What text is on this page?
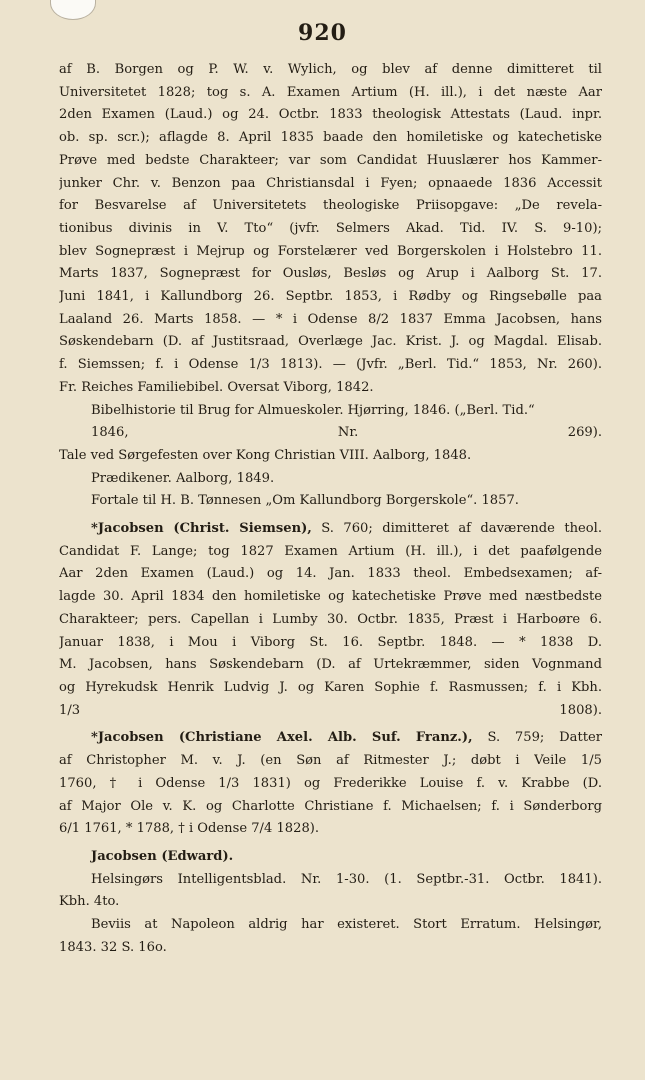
920
af B. Borgen og P. W. v. Wylich, og blev af denne dimitteret til
Universitetet 1828; tog s. A. Examen Artium (H. ill.), i det næste Aar
2den Examen (Laud.) og 24. Octbr. 1833 theologisk Attestats (Laud. inpr.
ob. sp. scr.); aflagde 8. April 1835 baade den homiletiske og katechetiske
Prøve med bedste Charakteer; var som Candidat Huuslærer hos Kammer-
junker Chr. v. Benzon paa Christiansdal i Fyen; opnaaede 1836 Accessit
for Besvarelse af Universitetets theologiske Priisopgave: „De revela-
tionibus divinis in V. Tto“ (jvfr. Selmers Akad. Tid. IV. S. 9-10);
blev Sognepræst i Mejrup og Forstelærer ved Borgerskolen i Holstebro 11.
Marts 1837, Sognepræst for Ousløs, Besløs og Arup i Aalborg St. 17.
Juni 1841, i Kallundborg 26. Septbr. 1853, i Rødby og Ringsebølle paa
Laaland 26. Marts 1858. — * i Odense 8/2 1837 Emma Jacobsen, hans
Søskendebarn (D. af Justitsraad, Overlæge Jac. Krist. J. og Magdal. Elisab.
f. Siemssen; f. i Odense 1/3 1813). — (Jvfr. „Berl. Tid.“ 1853, Nr. 260).
Fr. Reiches Familiebibel. Oversat Viborg, 1842.
Bibelhistorie til Brug for Almueskoler. Hjørring, 1846. („Berl. Tid.“
1846, Nr. 269).
Tale ved Sørgefesten over Kong Christian VIII. Aalborg, 1848.
Prædikener. Aalborg, 1849.
Fortale til H. B. Tønnesen „Om Kallundborg Borgerskole“. 1857.
*Jacobsen (Christ. Siemsen), S. 760; dimitteret af daværende theol.
Candidat F. Lange; tog 1827 Examen Artium (H. ill.), i det paafølgende
Aar 2den Examen (Laud.) og 14. Jan. 1833 theol. Embedsexamen; af-
lagde 30. April 1834 den homiletiske og katechetiske Prøve med næstbedste
Charakteer; pers. Capellan i Lumby 30. Octbr. 1835, Præst i Harboøre 6.
Januar 1838, i Mou i Viborg St. 16. Septbr. 1848. — * 1838 D.
M. Jacobsen, hans Søskendebarn (D. af Urtekræmmer, siden Vognmand
og Hyrekudsk Henrik Ludvig J. og Karen Sophie f. Rasmussen; f. i Kbh.
1/3 1808).
*Jacobsen (Christiane Axel. Alb. Suf. Franz.), S. 759; Datter
af Christopher M. v. J. (en Søn af Ritmester J.; døbt i Veile 1/5
1760, † i Odense 1/3 1831) og Frederikke Louise f. v. Krabbe (D.
af Major Ole v. K. og Charlotte Christiane f. Michaelsen; f. i Sønderborg
6/1 1761, * 1788, † i Odense 7/4 1828).
Jacobsen (Edward).
Helsingørs Intelligentsblad. Nr. 1-30. (1. Septbr.-31. Octbr. 1841).
Kbh. 4to.
Beviis at Napoleon aldrig har existeret. Stort Erratum. Helsingør,
1843. 32 S. 16o.
